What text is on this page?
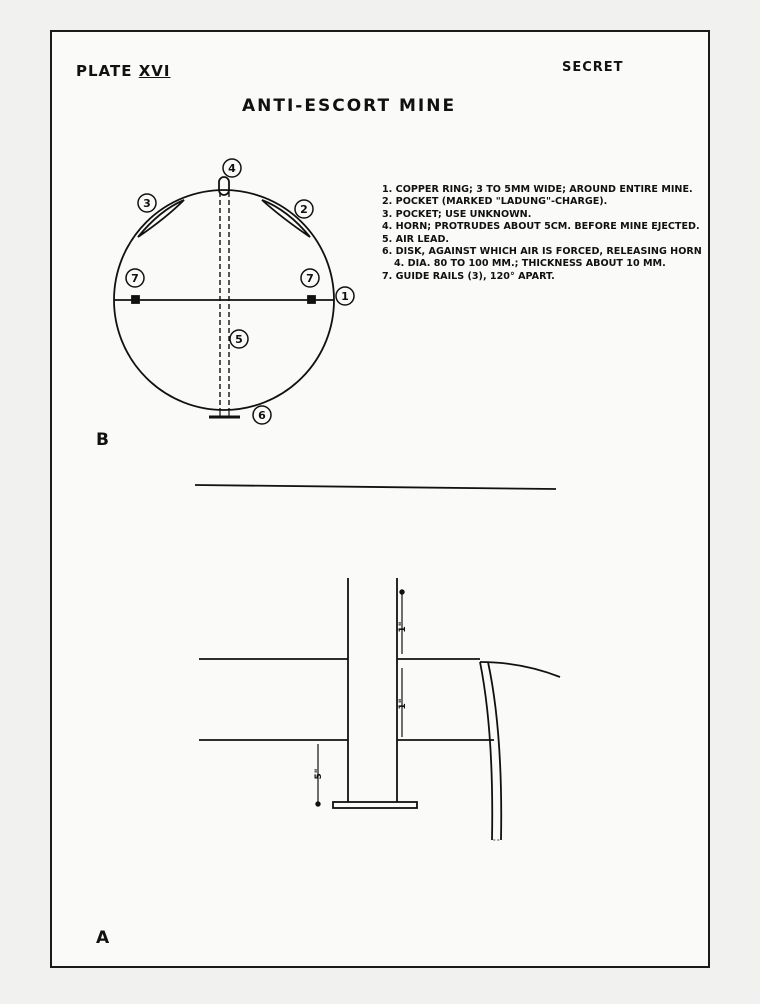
PLATE XVI	SECRET
ANTI-ESCORT MINE
1. COPPER RING; 3 TO 5MM WIDE; AROUND ENTIRE MINE.
2. POCKET (MARKED "LADUNG"-CHARGE).
3. POCKET; USE UNKNOWN.
4. HORN; PROTRUDES ABOUT 5CM. BEFORE MINE EJECTED.
5. AIR LEAD.
6. DISK, AGAINST WHICH AIR IS FORCED, RELEASING HORN 4. DIA. 80 TO 100 MM.; THICKNESS ABOUT 10 MM.
7. GUIDE RAILS (3), 120° APART.
B
A
4
3	2
7	7
1
5
6
1"
1"
5"
